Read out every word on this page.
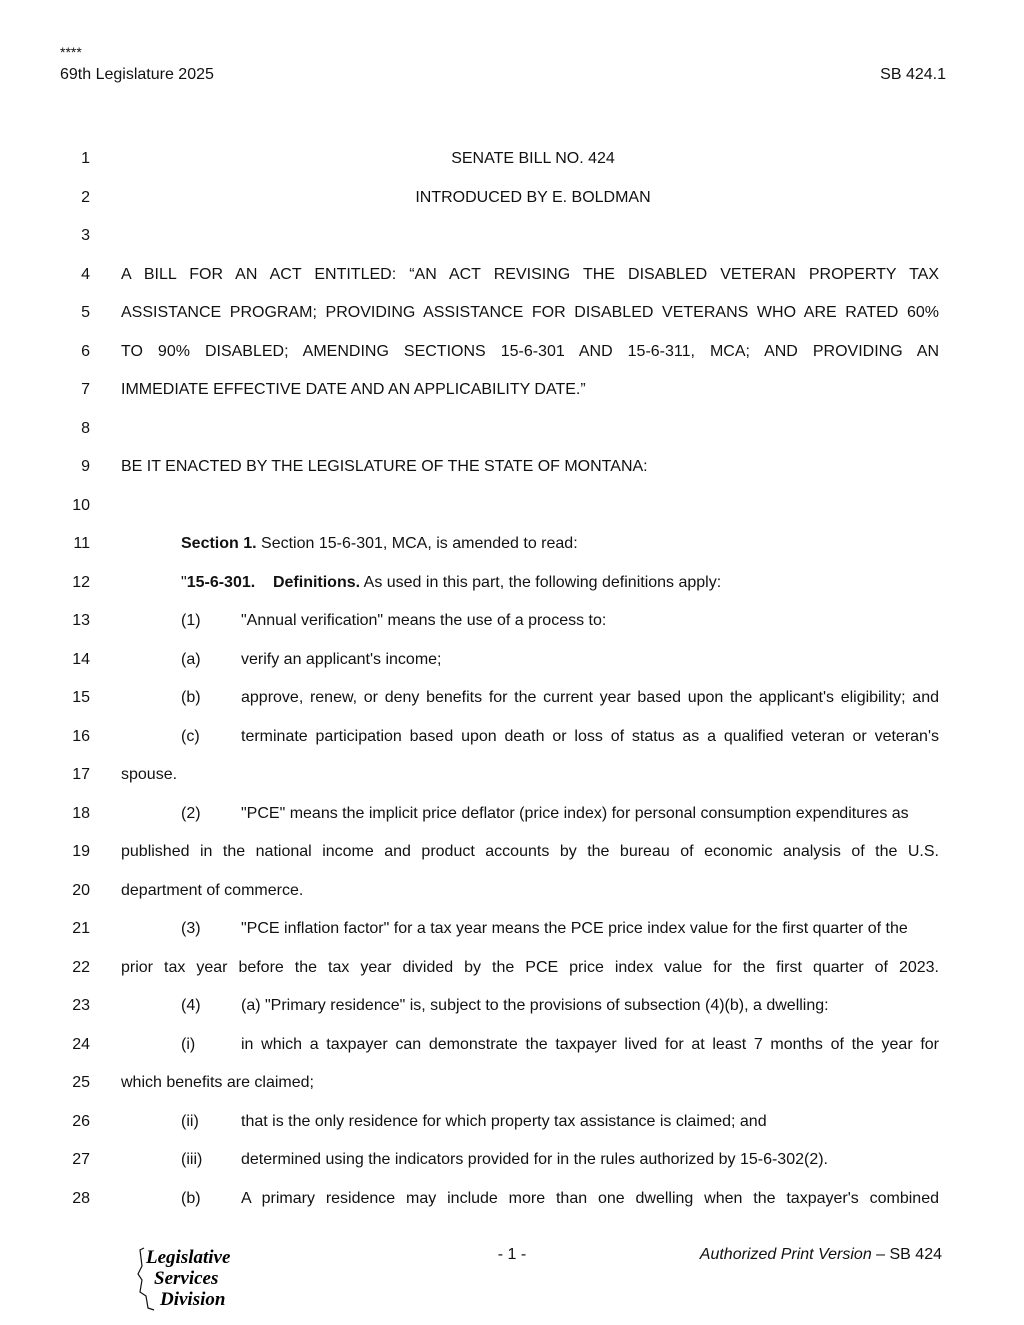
****
69th Legislature 2025	SB 424.1
1	SENATE BILL NO. 424
2	INTRODUCED BY E. BOLDMAN
3
4 A BILL FOR AN ACT ENTITLED: “AN ACT REVISING THE DISABLED VETERAN PROPERTY TAX
5 ASSISTANCE PROGRAM; PROVIDING ASSISTANCE FOR DISABLED VETERANS WHO ARE RATED 60%
6 TO 90% DISABLED; AMENDING SECTIONS 15-6-301 AND 15-6-311, MCA; AND PROVIDING AN
7 IMMEDIATE EFFECTIVE DATE AND AN APPLICABILITY DATE.”
8
9 BE IT ENACTED BY THE LEGISLATURE OF THE STATE OF MONTANA:
10
11	Section 1. Section 15-6-301, MCA, is amended to read:
12	"15-6-301.    Definitions. As used in this part, the following definitions apply:
13	(1)	"Annual verification" means the use of a process to:
14	(a)	verify an applicant's income;
15	(b)	approve, renew, or deny benefits for the current year based upon the applicant's eligibility; and
16	(c)	terminate participation based upon death or loss of status as a qualified veteran or veteran's
17 spouse.
18	(2)	"PCE" means the implicit price deflator (price index) for personal consumption expenditures as
19 published in the national income and product accounts by the bureau of economic analysis of the U.S.
20 department of commerce.
21	(3)	"PCE inflation factor" for a tax year means the PCE price index value for the first quarter of the
22 prior tax year before the tax year divided by the PCE price index value for the first quarter of 2023.
23	(4)	(a) "Primary residence" is, subject to the provisions of subsection (4)(b), a dwelling:
24	(i)	in which a taxpayer can demonstrate the taxpayer lived for at least 7 months of the year for
25 which benefits are claimed;
26	(ii)	that is the only residence for which property tax assistance is claimed; and
27	(iii) determined using the indicators provided for in the rules authorized by 15-6-302(2).
28	(b)	A primary residence may include more than one dwelling when the taxpayer's combined
Legislative
Services
Division
- 1 -	Authorized Print Version – SB 424
